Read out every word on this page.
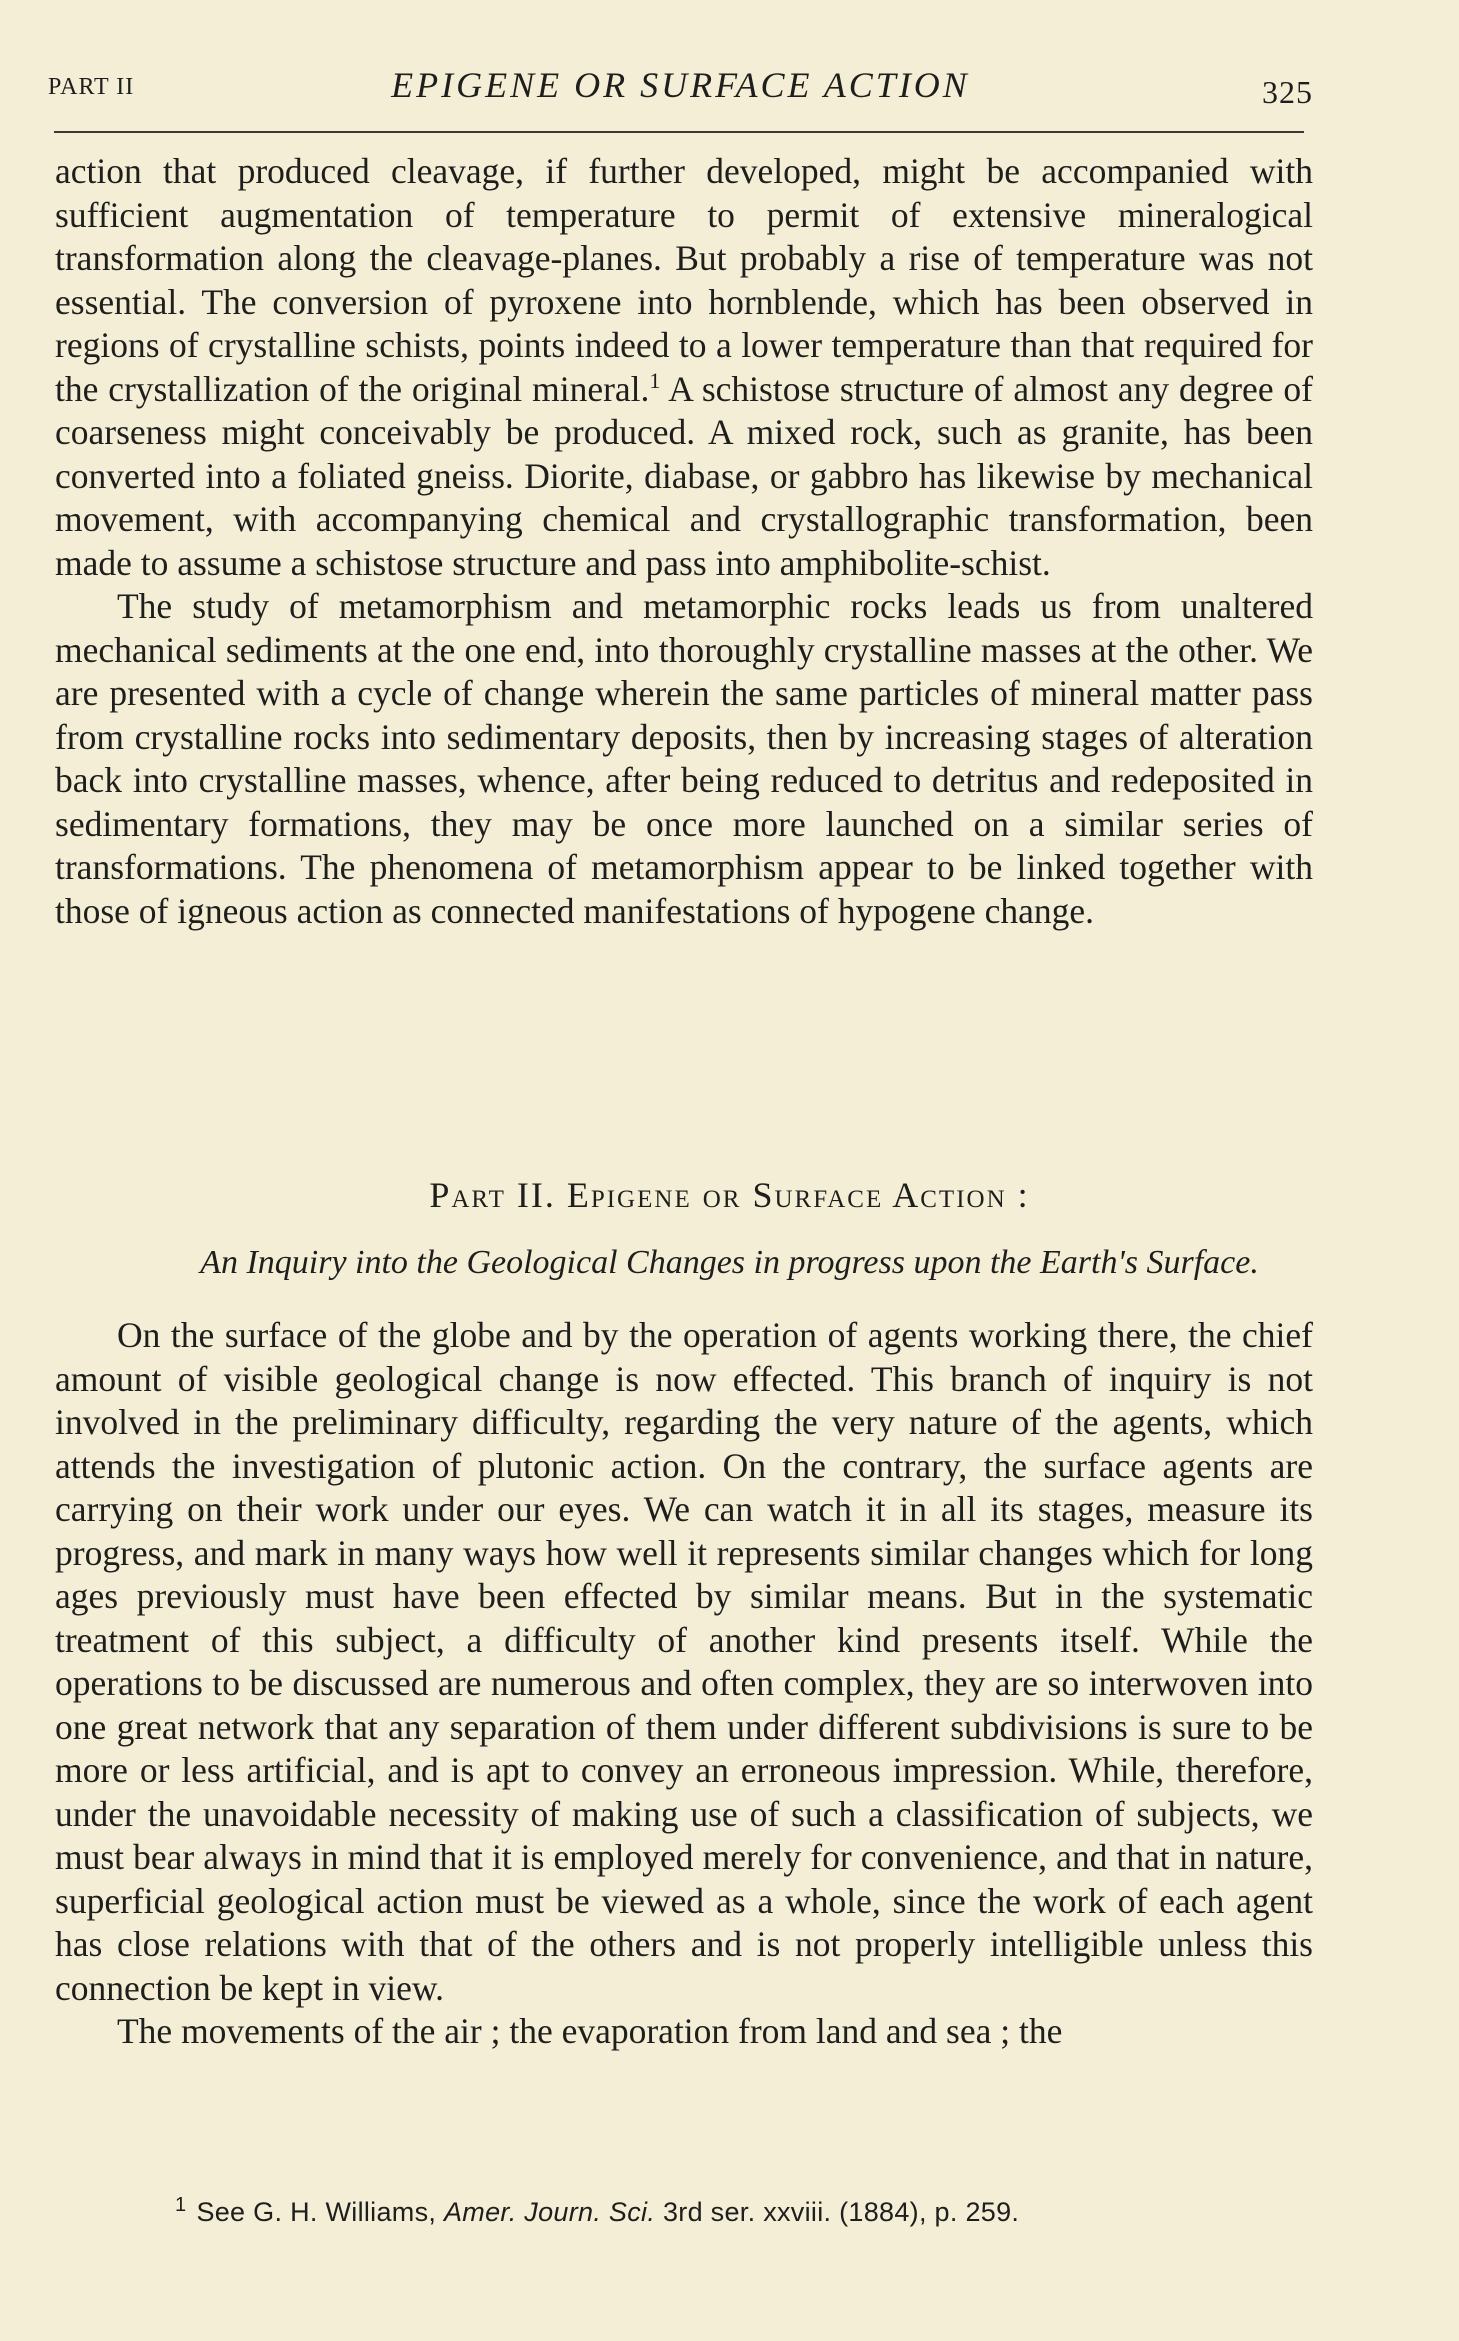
PART II	EPIGENE OR SURFACE ACTION	325

action that produced cleavage, if further developed, might be accompanied with sufficient augmentation of temperature to permit of extensive mineralogical transformation along the cleavage-planes. But probably a rise of temperature was not essential. The conversion of pyroxene into hornblende, which has been observed in regions of crystalline schists, points indeed to a lower temperature than that required for the crystallization of the original mineral.$^1$ A schistose structure of almost any degree of coarseness might conceivably be produced. A mixed rock, such as granite, has been converted into a foliated gneiss. Diorite, diabase, or gabbro has likewise by mechanical movement, with accompanying chemical and crystallographic transformation, been made to assume a schistose structure and pass into amphibolite-schist.

The study of metamorphism and metamorphic rocks leads us from unaltered mechanical sediments at the one end, into thoroughly crystalline masses at the other. We are presented with a cycle of change wherein the same particles of mineral matter pass from crystalline rocks into sedimentary deposits, then by increasing stages of alteration back into crystalline masses, whence, after being reduced to detritus and redeposited in sedimentary formations, they may be once more launched on a similar series of transformations. The phenomena of metamorphism appear to be linked together with those of igneous action as connected manifestations of hypogene change.

Part II. Epigene or Surface Action :
An Inquiry into the Geological Changes in progress upon the Earth's Surface.

On the surface of the globe and by the operation of agents working there, the chief amount of visible geological change is now effected. This branch of inquiry is not involved in the preliminary difficulty, regarding the very nature of the agents, which attends the investigation of plutonic action. On the contrary, the surface agents are carrying on their work under our eyes. We can watch it in all its stages, measure its progress, and mark in many ways how well it represents similar changes which for long ages previously must have been effected by similar means. But in the systematic treatment of this subject, a difficulty of another kind presents itself. While the operations to be discussed are numerous and often complex, they are so interwoven into one great network that any separation of them under different subdivisions is sure to be more or less artificial, and is apt to convey an erroneous impression. While, therefore, under the unavoidable necessity of making use of such a classification of subjects, we must bear always in mind that it is employed merely for convenience, and that in nature, superficial geological action must be viewed as a whole, since the work of each agent has close relations with that of the others and is not properly intelligible unless this connection be kept in view.

The movements of the air ; the evaporation from land and sea ; the

$^1$ See G. H. Williams, Amer. Journ. Sci. 3rd ser. xxviii. (1884), p. 259.
